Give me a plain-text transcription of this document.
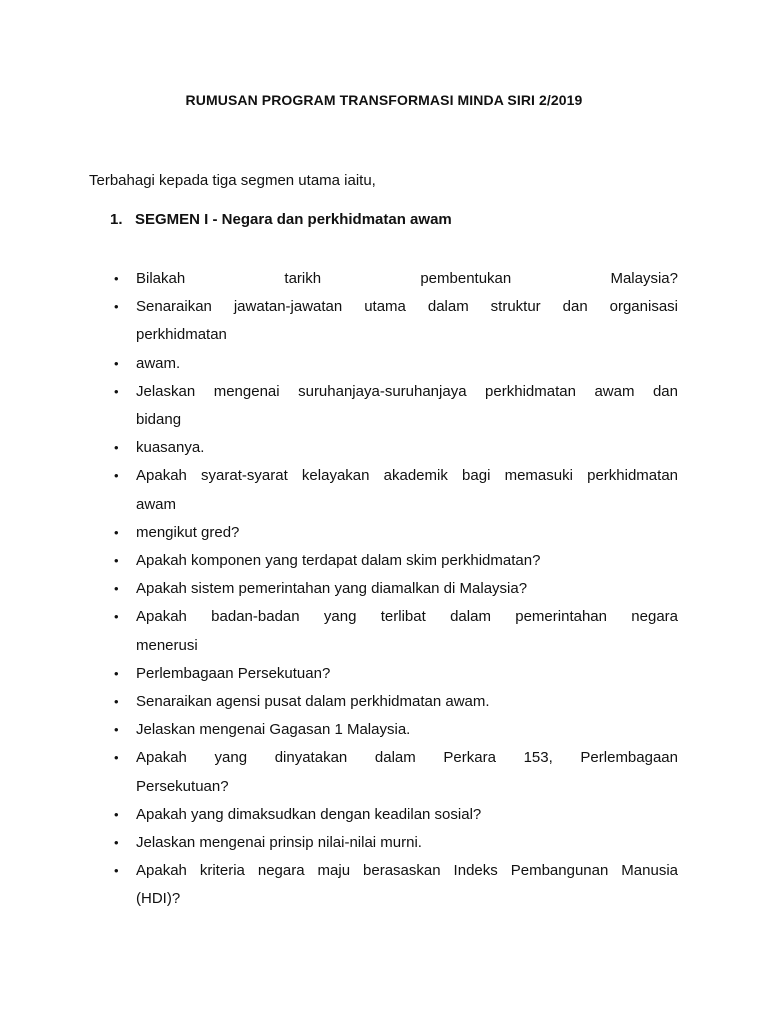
RUMUSAN PROGRAM TRANSFORMASI MINDA SIRI 2/2019
Terbahagi kepada tiga segmen utama iaitu,
1. SEGMEN I - Negara dan perkhidmatan awam
• Bilakah tarikh pembentukan Malaysia?
• Senaraikan jawatan-jawatan utama dalam struktur dan organisasi
perkhidmatan
• awam.
• Jelaskan mengenai suruhanjaya-suruhanjaya perkhidmatan awam dan
bidang
• kuasanya.
• Apakah syarat-syarat kelayakan akademik bagi memasuki perkhidmatan
awam
• mengikut gred?
• Apakah komponen yang terdapat dalam skim perkhidmatan?
• Apakah sistem pemerintahan yang diamalkan di Malaysia?
• Apakah badan-badan yang terlibat dalam pemerintahan negara
menerusi
• Perlembagaan Persekutuan?
• Senaraikan agensi pusat dalam perkhidmatan awam.
• Jelaskan mengenai Gagasan 1 Malaysia.
• Apakah yang dinyatakan dalam Perkara 153, Perlembagaan
Persekutuan?
• Apakah yang dimaksudkan dengan keadilan sosial?
• Jelaskan mengenai prinsip nilai-nilai murni.
• Apakah kriteria negara maju berasaskan Indeks Pembangunan Manusia
(HDI)?
